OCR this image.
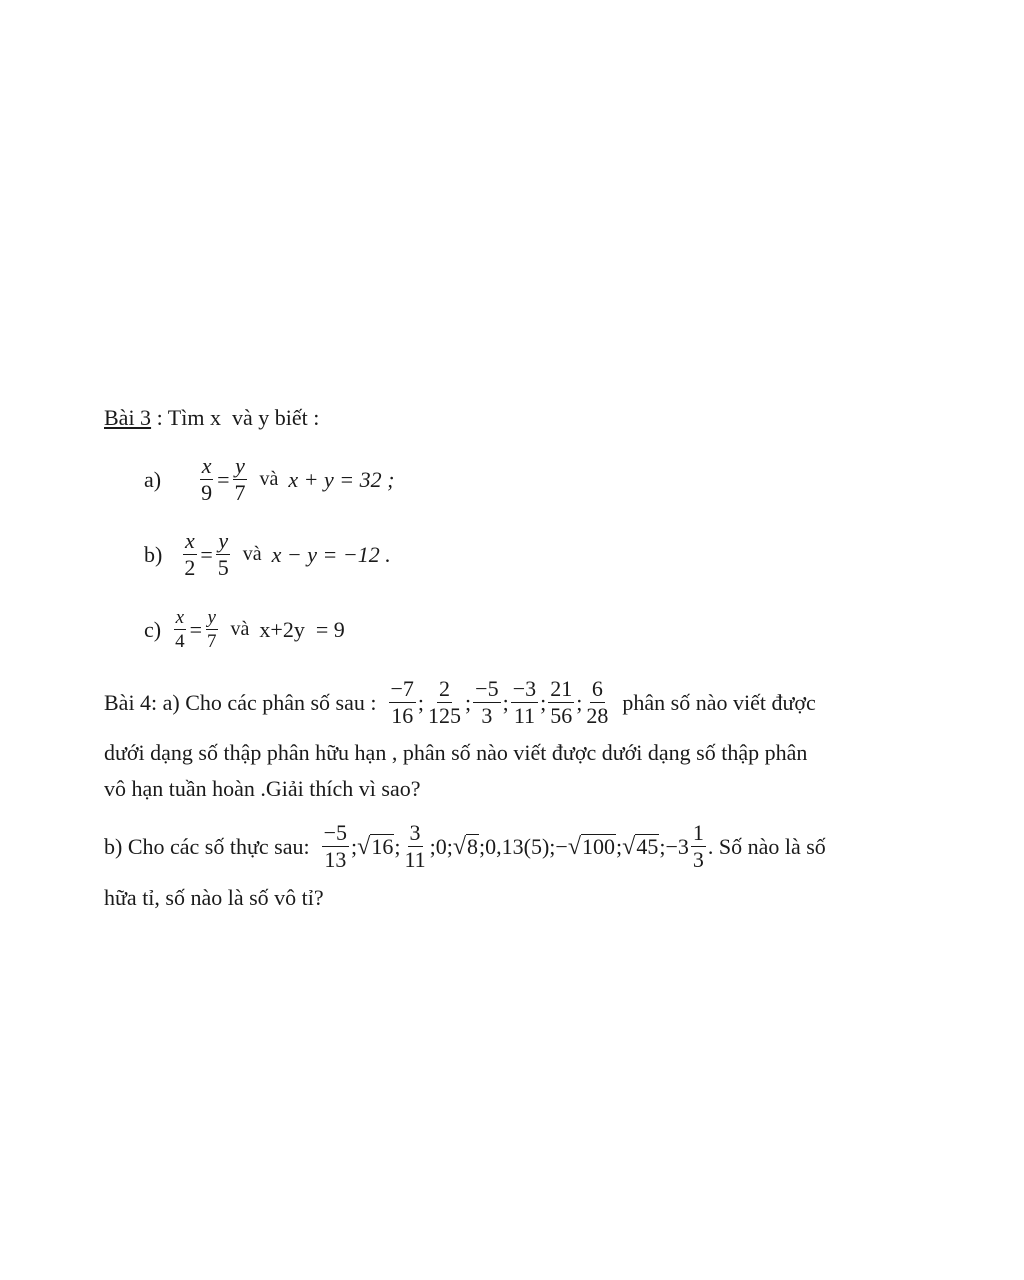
Bài 3 : Tìm x  và y biết :
$a) \frac{x}{9} = \frac{y}{7}$ và x + y = 32 ;
$b) \frac{x}{2} = \frac{y}{5}$ và x − y = −12 .
$c) \frac{x}{4} = \frac{y}{7}$ và x+2y  = 9
Bài 4: a) Cho các phân số sau : $\frac{-7}{16}$ ; $\frac{2}{125}$ ; $\frac{-5}{3}$ ; $\frac{-3}{11}$ ; $\frac{21}{56}$ ; $\frac{6}{28}$ phân số nào viết được
dưới dạng số thập phân hữu hạn , phân số nào viết được dưới dạng số thập phân
vô hạn tuần hoàn .Giải thích vì sao?
b) Cho các số thực sau: $\frac{-5}{13}$ ; √ 16 ; $\frac{3}{11}$ ;0; √ 8 ;0,13(5);− √ 100 ; √ 45 ; $-3 \frac{1}{3}$ . Số nào là số
hữa tỉ, số nào là số vô tỉ?
